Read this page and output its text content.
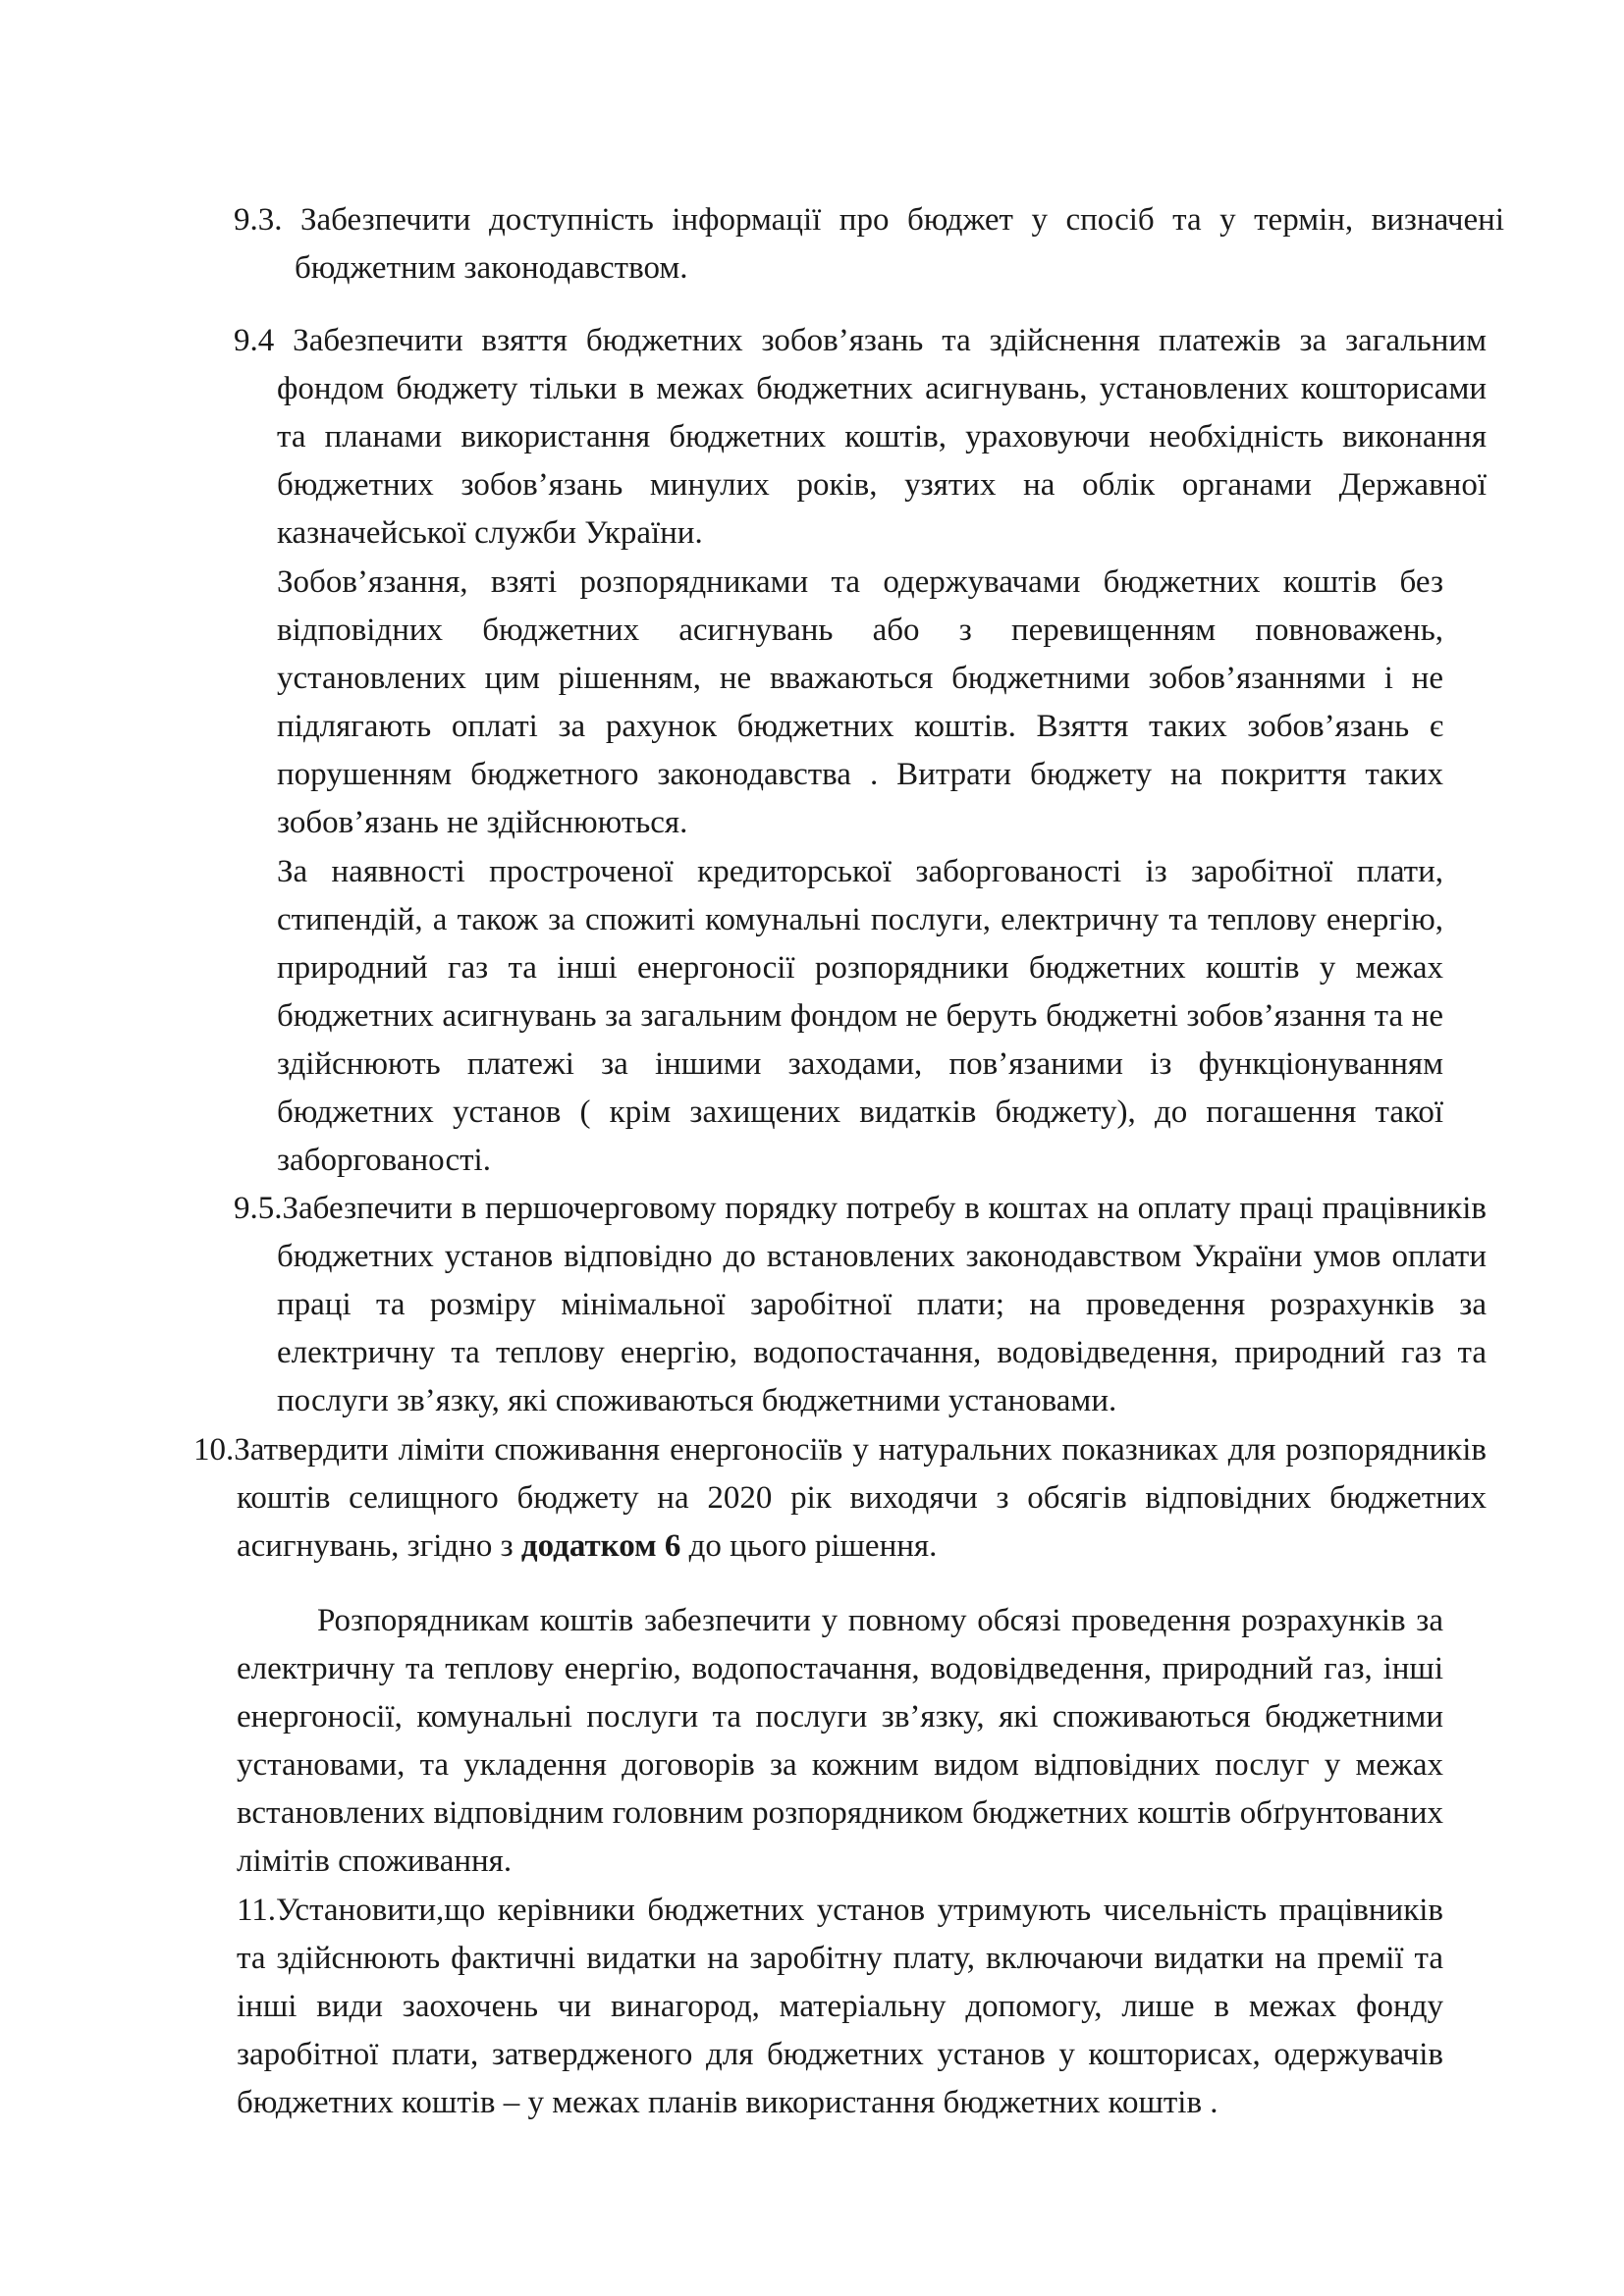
9.3. Забезпечити доступність інформації про бюджет у спосіб та у термін, визначені бюджетним законодавством.

9.4 Забезпечити взяття бюджетних зобов’язань та здійснення платежів за загальним фондом бюджету тільки в межах бюджетних асигнувань, установлених кошторисами та планами використання бюджетних коштів, ураховуючи необхідність виконання бюджетних зобов’язань минулих років, узятих на облік органами Державної казначейської служби України.

Зобов’язання, взяті розпорядниками та одержувачами бюджетних коштів без відповідних бюджетних асигнувань або з перевищенням повноважень, установлених цим рішенням, не вважаються бюджетними зобов’язаннями і не підлягають оплаті за рахунок бюджетних коштів. Взяття таких зобов’язань є порушенням бюджетного законодавства . Витрати бюджету на покриття таких зобов’язань не здійснюються.

За наявності простроченої кредиторської заборгованості із заробітної плати, стипендій, а також за спожиті комунальні послуги, електричну та теплову енергію, природний газ та інші енергоносії розпорядники бюджетних коштів у межах бюджетних асигнувань за загальним фондом не беруть бюджетні зобов’язання та не здійснюють платежі за іншими заходами, пов’язаними із функціонуванням бюджетних установ ( крім захищених видатків бюджету), до погашення такої заборгованості.

9.5.Забезпечити в першочерговому порядку потребу в коштах на оплату праці працівників бюджетних установ відповідно до встановлених законодавством України умов оплати праці та розміру мінімальної заробітної плати; на проведення розрахунків за електричну та теплову енергію, водопостачання, водовідведення, природний газ та послуги зв’язку, які споживаються бюджетними установами.

10.Затвердити ліміти споживання енергоносіїв у натуральних показниках для розпорядників коштів селищного бюджету на 2020 рік виходячи з обсягів відповідних бюджетних асигнувань, згідно з додатком 6 до цього рішення.

Розпорядникам коштів забезпечити у повному обсязі проведення розрахунків за електричну та теплову енергію, водопостачання, водовідведення, природний газ, інші енергоносії, комунальні послуги та послуги зв’язку, які споживаються бюджетними установами, та укладення договорів за кожним видом відповідних послуг у межах встановлених відповідним головним розпорядником бюджетних коштів обґрунтованих лімітів споживання.

11.Установити,що керівники бюджетних установ утримують чисельність працівників та здійснюють фактичні видатки на заробітну плату, включаючи видатки на премії та інші види заохочень чи винагород, матеріальну допомогу, лише в межах фонду заробітної плати, затвердженого для бюджетних установ у кошторисах, одержувачів бюджетних коштів – у межах планів використання бюджетних коштів .
